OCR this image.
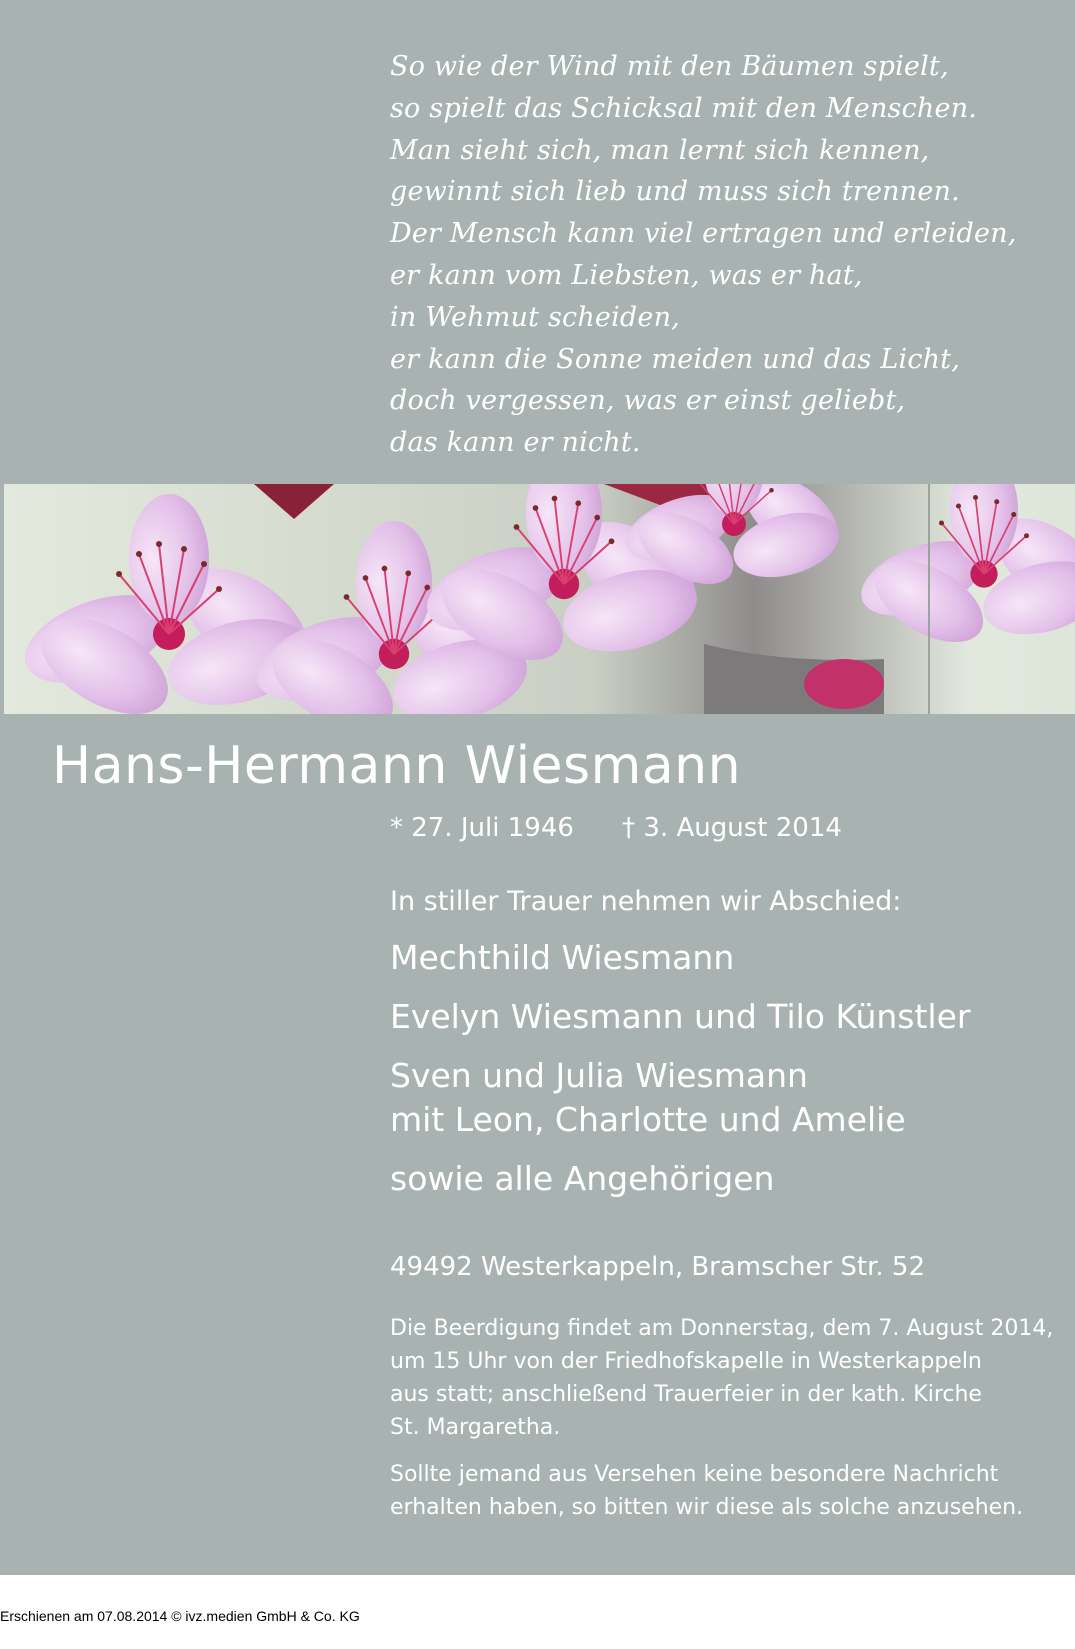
So wie der Wind mit den Bäumen spielt,
so spielt das Schicksal mit den Menschen.
Man sieht sich, man lernt sich kennen,
gewinnt sich lieb und muss sich trennen.
Der Mensch kann viel ertragen und erleiden,
er kann vom Liebsten, was er hat,
in Wehmut scheiden,
er kann die Sonne meiden und das Licht,
doch vergessen, was er einst geliebt,
das kann er nicht.
Hans-Hermann Wiesmann
* 27. Juli 1946 † 3. August 2014
In stiller Trauer nehmen wir Abschied:
Mechthild Wiesmann
Evelyn Wiesmann und Tilo Künstler
Sven und Julia Wiesmann
mit Leon, Charlotte und Amelie
sowie alle Angehörigen
49492 Westerkappeln, Bramscher Str. 52

Die Beerdigung findet am Donnerstag, dem 7. August 2014,
um 15 Uhr von der Friedhofskapelle in Westerkappeln
aus statt; anschließend Trauerfeier in der kath. Kirche
St. Margaretha.

Sollte jemand aus Versehen keine besondere Nachricht
erhalten haben, so bitten wir diese als solche anzusehen.

Erschienen am 07.08.2014 © ivz.medien GmbH & Co. KG
